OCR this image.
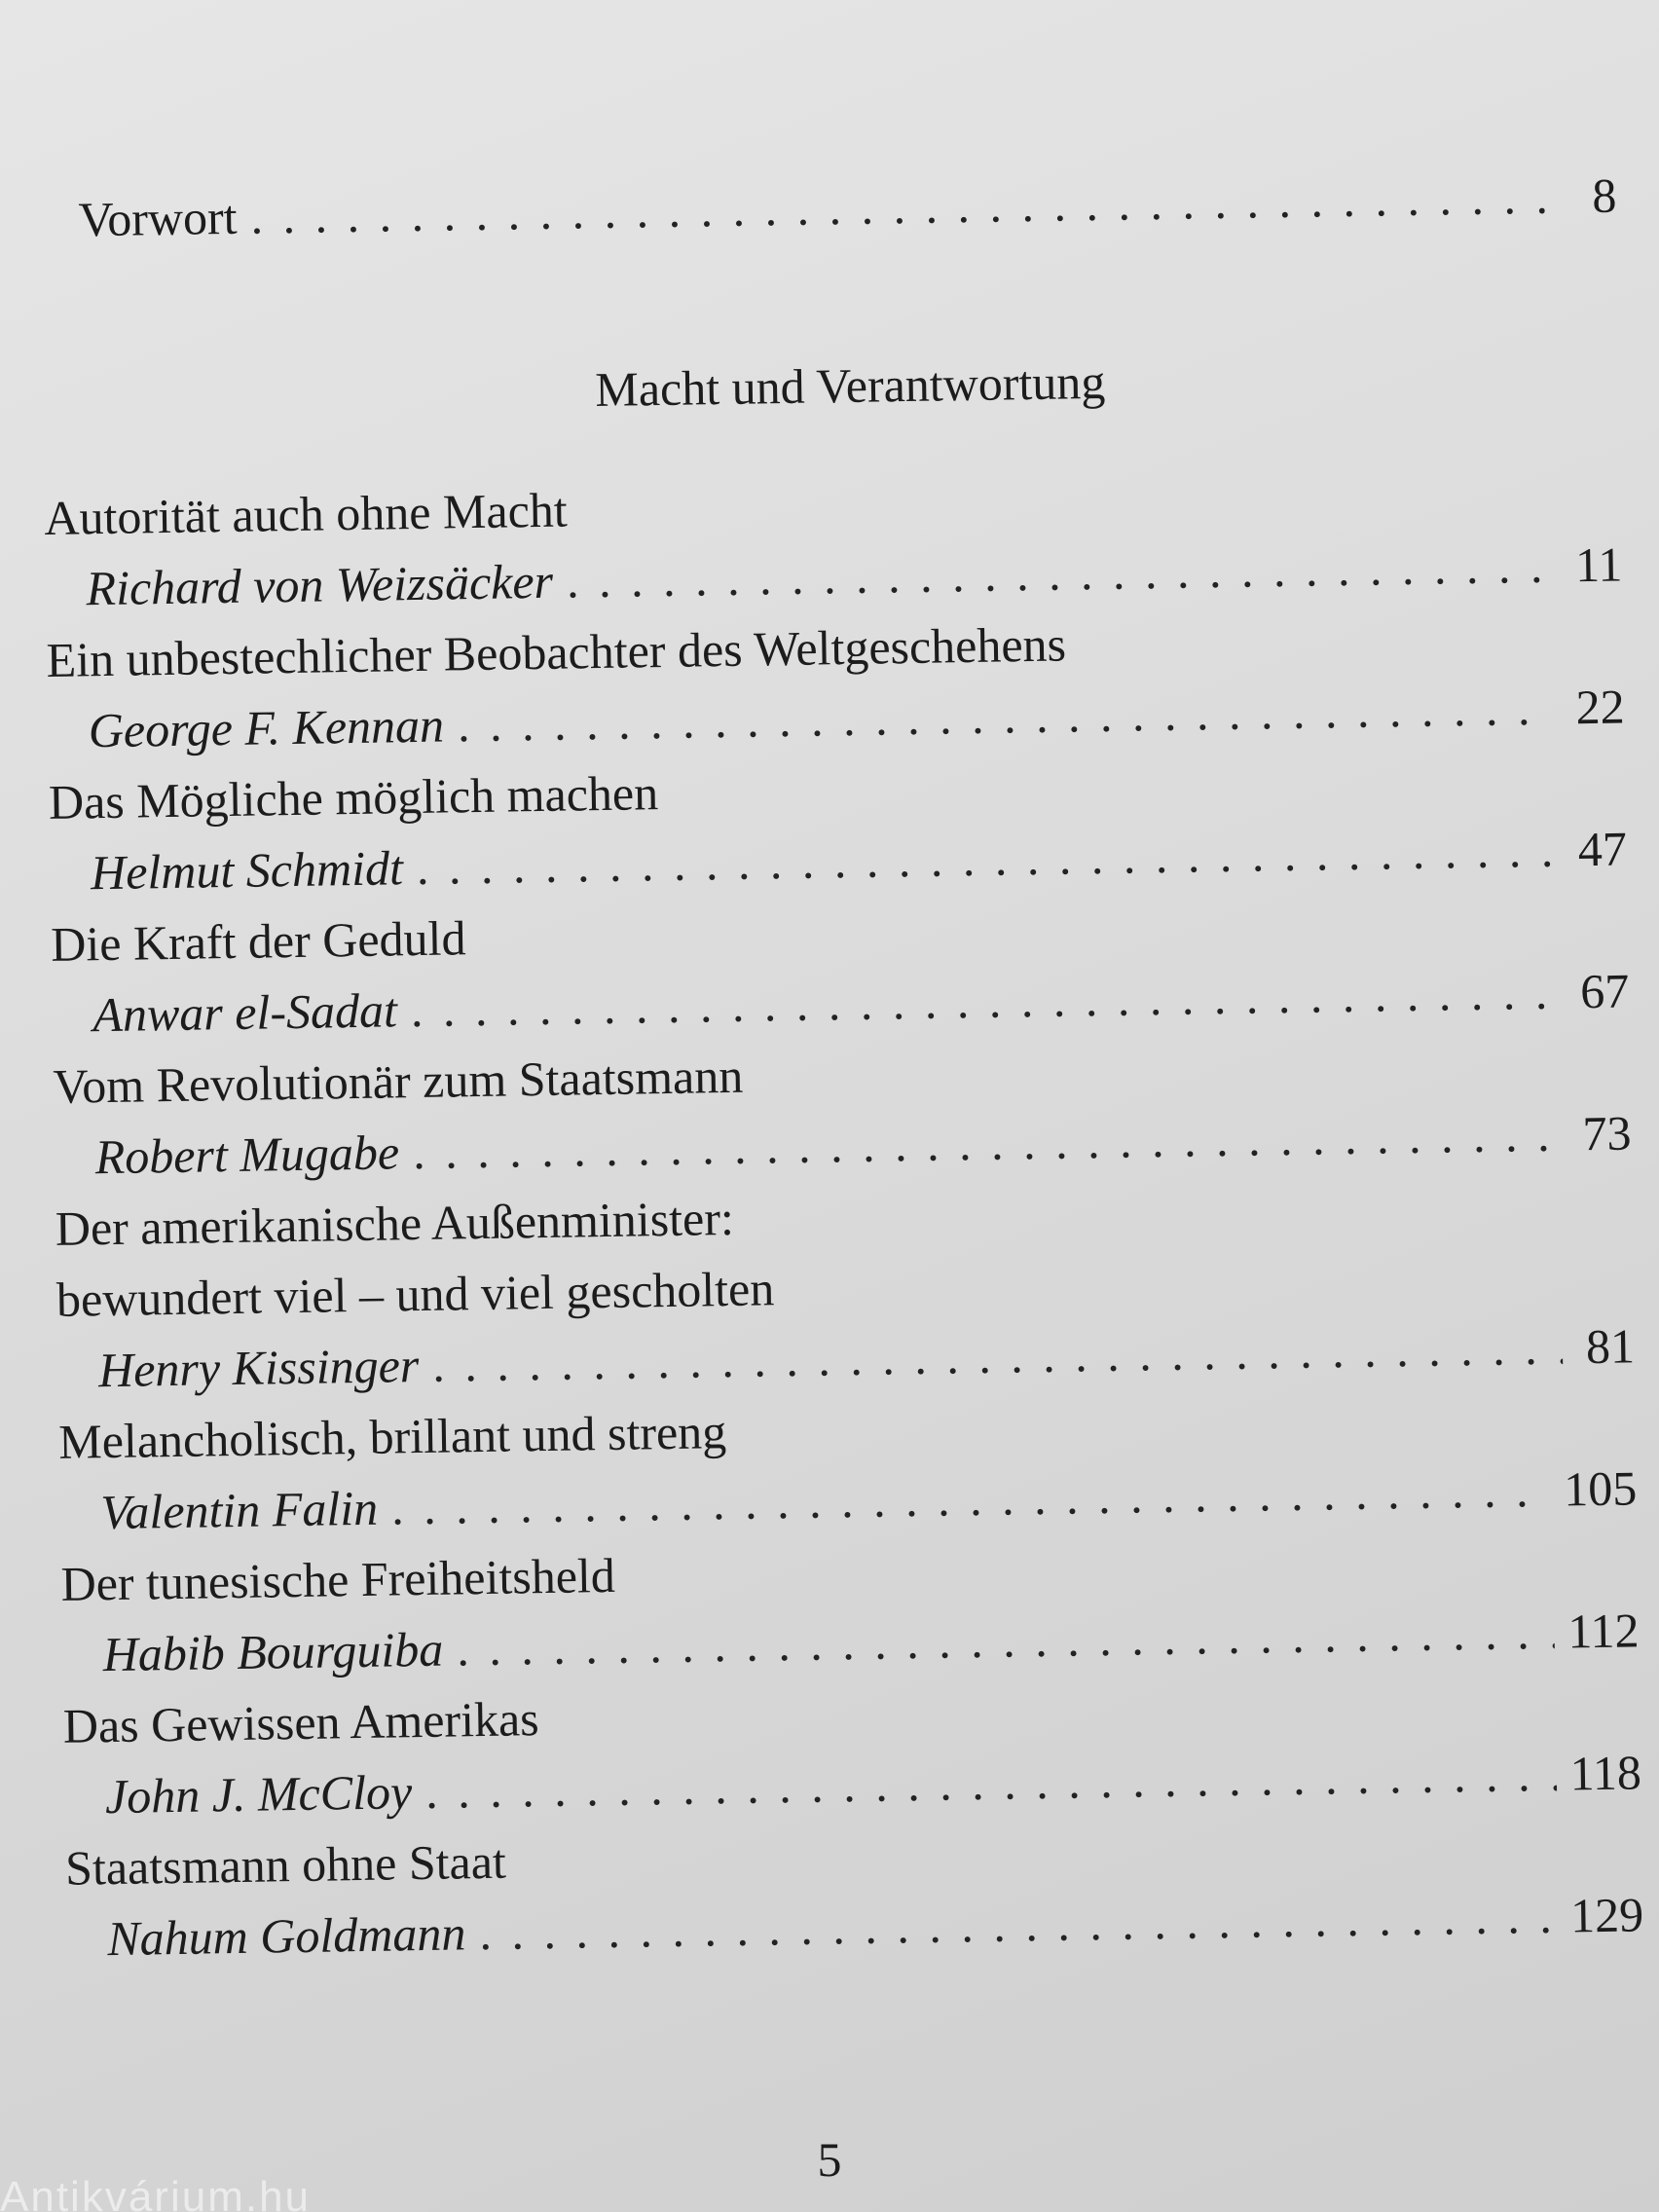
Vorwort . . .	8
Macht und Verantwortung
Autorität auch ohne Macht
Richard von Weizsäcker . . .	11
Ein unbestechlicher Beobachter des Weltgeschehens
George F. Kennan . . .	22
Das Mögliche möglich machen
Helmut Schmidt . . .	47
Die Kraft der Geduld
Anwar el-Sadat . . .	67
Vom Revolutionär zum Staatsmann
Robert Mugabe . . .	73
Der amerikanische Außenminister:
bewundert viel – und viel gescholten
Henry Kissinger . . .	81
Melancholisch, brillant und streng
Valentin Falin . . .	105
Der tunesische Freiheitsheld
Habib Bourguiba . . .	112
Das Gewissen Amerikas
John J. McCloy . . .	118
Staatsmann ohne Staat
Nahum Goldmann . . .	129
5
Antikvárium.hu
